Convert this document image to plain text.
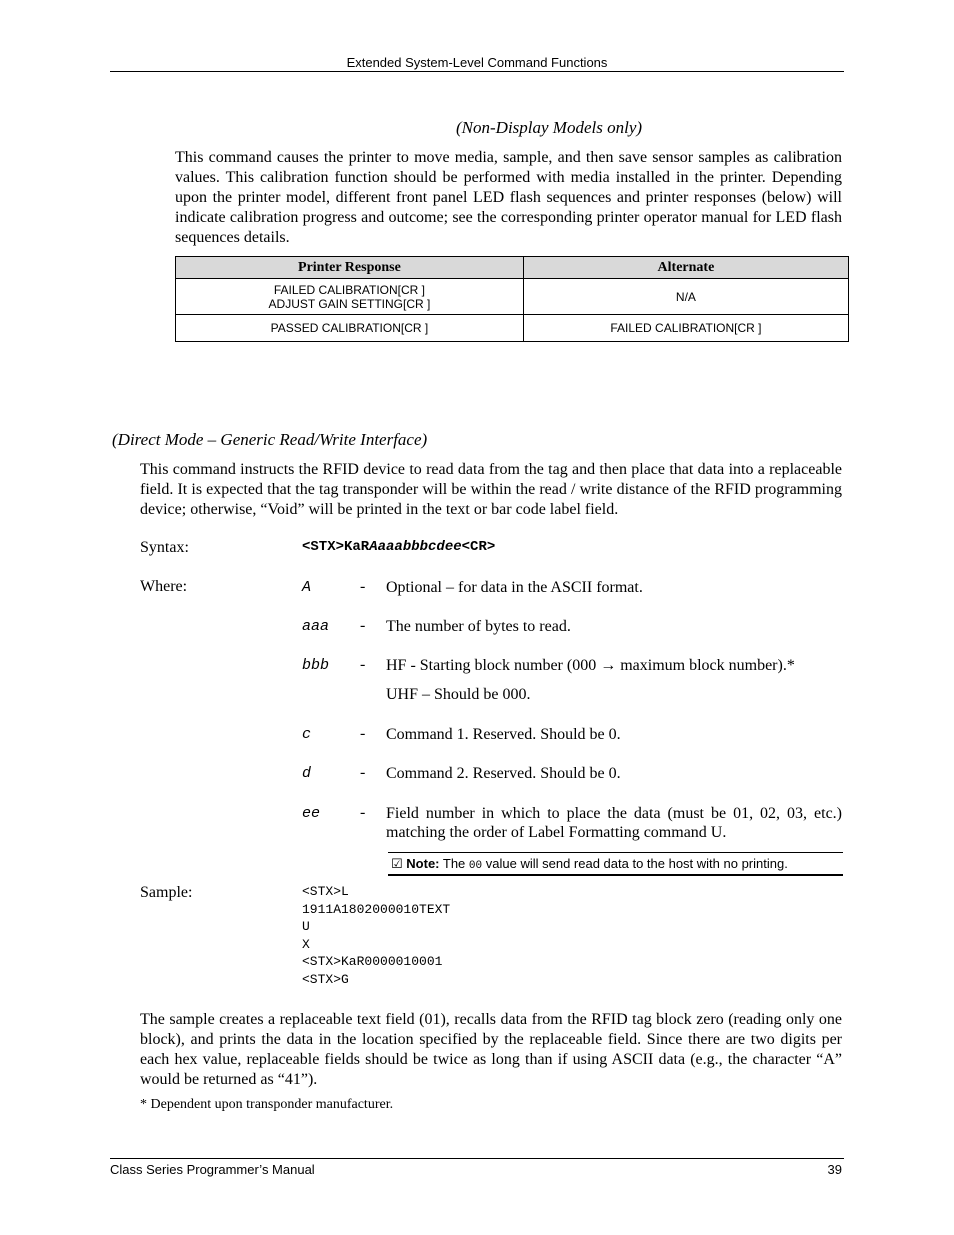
Extended System-Level Command Functions
(Non-Display Models only)
This command causes the printer to move media, sample, and then save sensor samples as calibration values. This calibration function should be performed with media installed in the printer. Depending upon the printer model, different front panel LED flash sequences and printer responses (below) will indicate calibration progress and outcome; see the corresponding printer operator manual for LED flash sequences details.
Printer Response	Alternate

FAILED CALIBRATION[CR ]
ADJUST GAIN SETTING[CR ]	N/A
PASSED CALIBRATION[CR ]	FAILED CALIBRATION[CR ]
(Direct Mode – Generic Read/Write Interface)
This command instructs the RFID device to read data from the tag and then place that data into a replaceable field. It is expected that the tag transponder will be within the read / write distance of the RFID programming device; otherwise, “Void” will be printed in the text or bar code label field.
Syntax:	<STX>KaRAaaabbbcdee<CR>
Where:	A	- Optional – for data in the ASCII format.
aaa - The number of bytes to read.
bbb - HF - Starting block number (000 → maximum block number).*
UHF – Should be 000.
c	- Command 1. Reserved. Should be 0.
d	- Command 2. Reserved. Should be 0.
ee - Field number in which to place the data (must be 01, 02, 03, etc.) matching the order of Label Formatting command U.
☑ Note: The 00 value will send read data to the host with no printing.
Sample:	<STX>L
1911A1802000010TEXT
U
X
<STX>KaR0000010001
<STX>G
The sample creates a replaceable text field (01), recalls data from the RFID tag block zero (reading only one block), and prints the data in the location specified by the replaceable field. Since there are two digits per each hex value, replaceable fields should be twice as long than if using ASCII data (e.g., the character “A” would be returned as “41”).
* Dependent upon transponder manufacturer.
Class Series Programmer’s Manual	39
